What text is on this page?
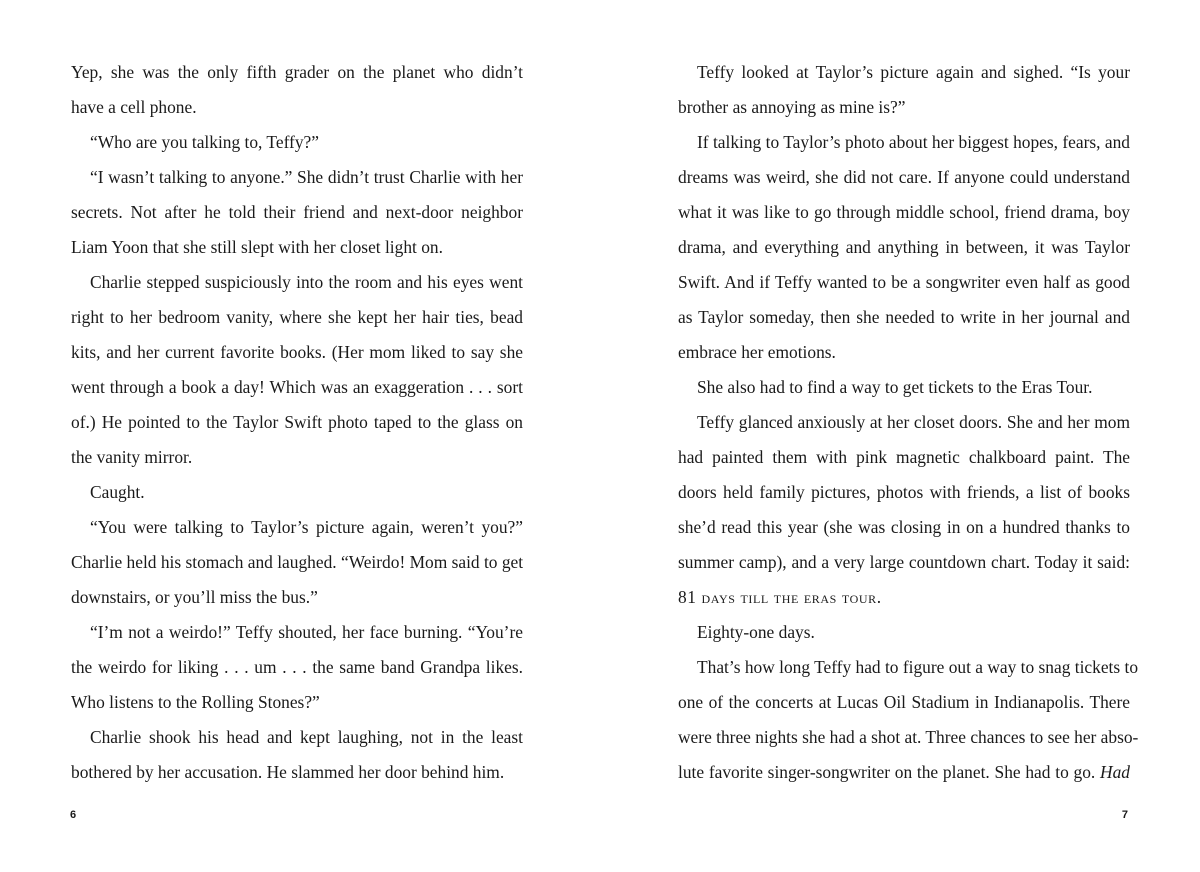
Yep, she was the only fifth grader on the planet who didn’t
have a cell phone.
“Who are you talking to, Teffy?”
“I wasn’t talking to anyone.” She didn’t trust Charlie with her
secrets. Not after he told their friend and next-door neighbor
Liam Yoon that she still slept with her closet light on.
Charlie stepped suspiciously into the room and his eyes went
right to her bedroom vanity, where she kept her hair ties, bead
kits, and her current favorite books. (Her mom liked to say she
went through a book a day! Which was an exaggeration . . . sort
of.) He pointed to the Taylor Swift photo taped to the glass on
the vanity mirror.
Caught.
“You were talking to Taylor’s picture again, weren’t you?”
Charlie held his stomach and laughed. “Weirdo! Mom said to get
downstairs, or you’ll miss the bus.”
“I’m not a weirdo!” Teffy shouted, her face burning. “You’re
the weirdo for liking . . . um . . . the same band Grandpa likes.
Who listens to the Rolling Stones?”
Charlie shook his head and kept laughing, not in the least
bothered by her accusation. He slammed her door behind him.
Teffy looked at Taylor’s picture again and sighed. “Is your
brother as annoying as mine is?”
If talking to Taylor’s photo about her biggest hopes, fears, and
dreams was weird, she did not care. If anyone could understand
what it was like to go through middle school, friend drama, boy
drama, and everything and anything in between, it was Taylor
Swift. And if Teffy wanted to be a songwriter even half as good
as Taylor someday, then she needed to write in her journal and
embrace her emotions.
She also had to find a way to get tickets to the Eras Tour.
Teffy glanced anxiously at her closet doors. She and her mom
had painted them with pink magnetic chalkboard paint. The
doors held family pictures, photos with friends, a list of books
she’d read this year (she was closing in on a hundred thanks to
summer camp), and a very large countdown chart. Today it said:
81 days till the eras tour.
Eighty-one days.
That’s how long Teffy had to figure out a way to snag tickets to
one of the concerts at Lucas Oil Stadium in Indianapolis. There
were three nights she had a shot at. Three chances to see her abso-
lute favorite singer-songwriter on the planet. She had to go. Had
6	7
